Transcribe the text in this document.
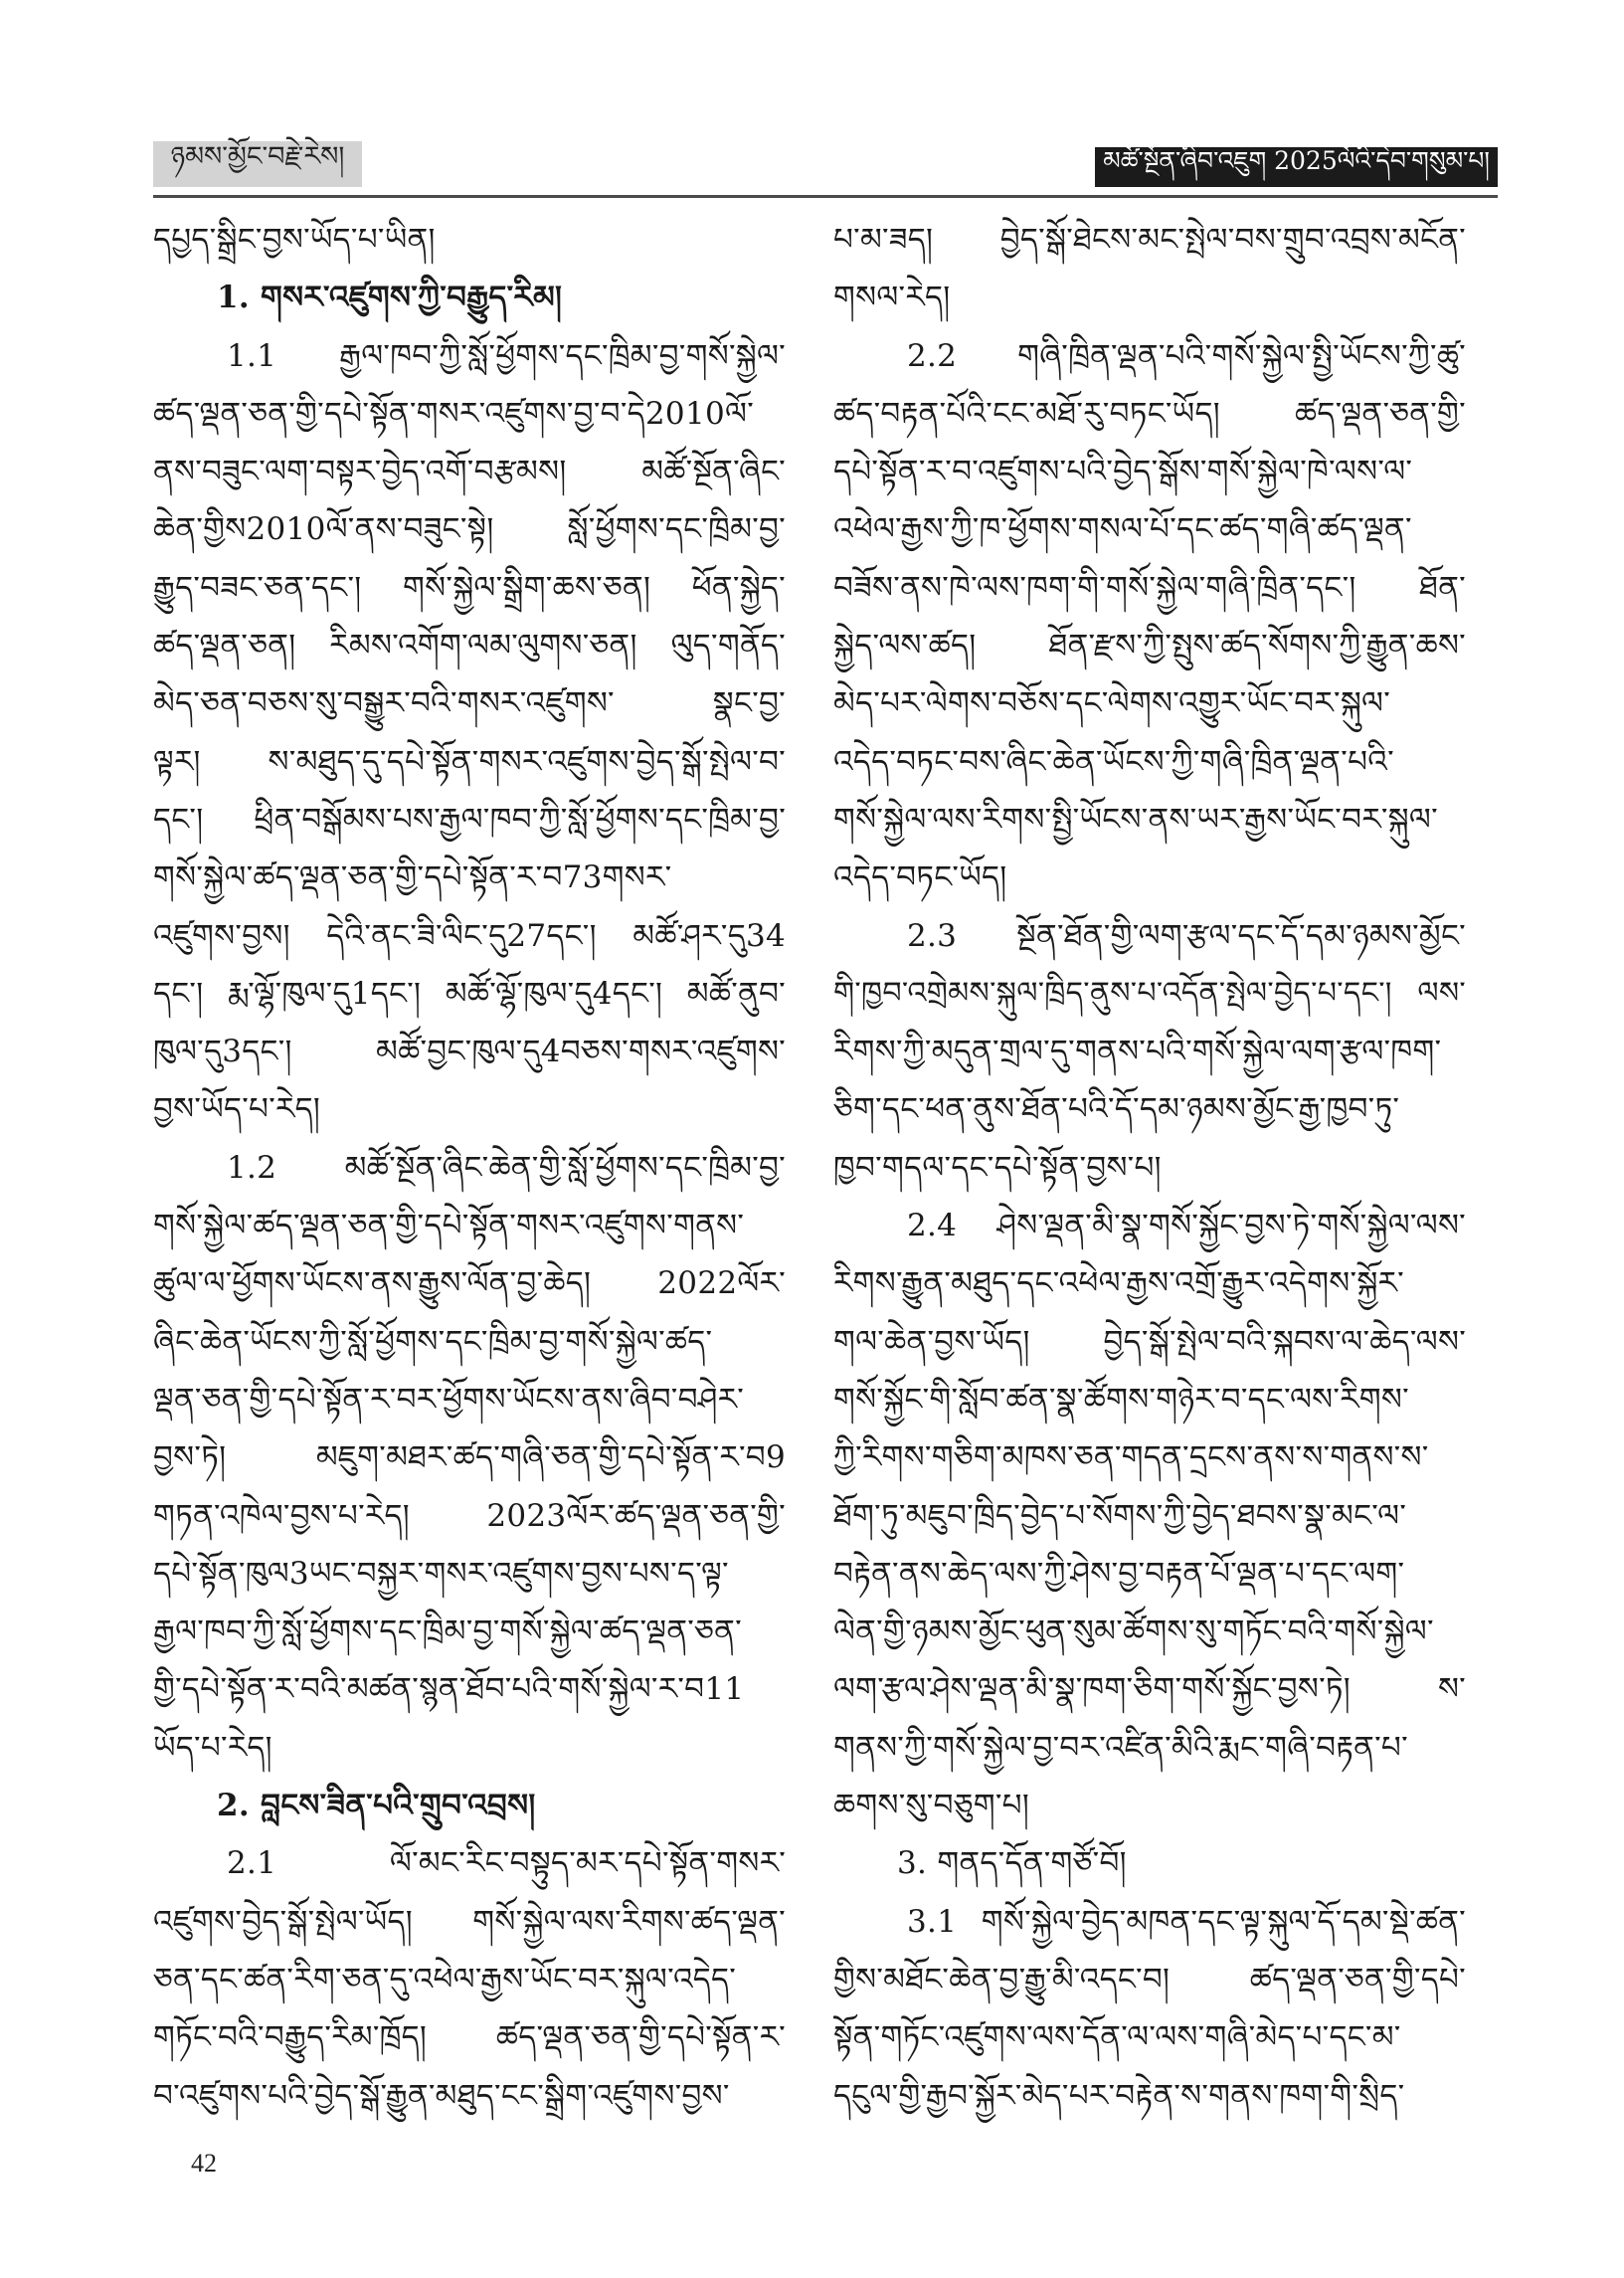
ཉམས་མྱོང་བརྗེ་རེས།	མཚོ་སྔོན་ཞིབ་འཇུག 2025ལོའི་དེབ་གསུམ་པ།
དཔྱད་སྒྲིང་བྱས་ཡོད་པ་ཡིན།
1. གསར་འཛུགས་ཀྱི་བརྒྱུད་རིམ།
1.1 རྒྱལ་ཁབ་ཀྱི་སློ་ཕྱོགས་དང་ཁྲིམ་བྱ་གསོ་སྐྱེལ་
ཚད་ལྡན་ཅན་གྱི་དཔེ་སྟོན་གསར་འཛུགས་བྱ་བ་དེ2010ལོ་
ནས་བཟུང་ལག་བསྟར་བྱེད་འགོ་བརྩམས། མཚོ་སྔོན་ཞིང་
ཆེན་གྱིས2010ལོ་ནས་བཟུང་སྟེ། སློ་ཕྱོགས་དང་ཁྲིམ་བྱ་
རྒྱུད་བཟང་ཅན་དང་། གསོ་སྐྱེལ་སྒྲིག་ཆས་ཅན། ཕོན་སྐྱེད་
ཚད་ལྡན་ཅན། རིམས་འགོག་ལམ་ལུགས་ཅན། ལུད་གནོད་
མེད་ཅན་བཅས་སུ་བསྒྱུར་བའི་གསར་འཛུགས་ སྣང་བྱ་
ལྟར། ས་མཐུད་དུ་དཔེ་སྟོན་གསར་འཛུགས་བྱེད་སྒོ་སྤེལ་བ་
དང་། ཕྲིན་བསྒོམས་པས་རྒྱལ་ཁབ་ཀྱི་སློ་ཕྱོགས་དང་ཁྲིམ་བྱ་
གསོ་སྐྱེལ་ཚད་ལྡན་ཅན་གྱི་དཔེ་སྟོན་ར་བ73གསར་
འཛུགས་བྱས། དེའི་ནང་ཟི་ལིང་དུ27དང་། མཚོ་ཤར་དུ34
དང་། རྨ་ལྷོ་ཁུལ་དུ1དང་། མཚོ་ལྷོ་ཁུལ་དུ4དང་། མཚོ་ནུབ་
ཁུལ་དུ3དང་། མཚོ་བྱང་ཁུལ་དུ4བཅས་གསར་འཛུགས་
བྱས་ཡོད་པ་རེད།
1.2 མཚོ་སྔོན་ཞིང་ཆེན་གྱི་སློ་ཕྱོགས་དང་ཁྲིམ་བྱ་
གསོ་སྐྱེལ་ཚད་ལྡན་ཅན་གྱི་དཔེ་སྟོན་གསར་འཛུགས་གནས་
ཚུལ་ལ་ཕྱོགས་ཡོངས་ནས་རྒྱུས་ལོན་བྱ་ཆེད། 2022ལོར་
ཞིང་ཆེན་ཡོངས་ཀྱི་སློ་ཕྱོགས་དང་ཁྲིམ་བྱ་གསོ་སྐྱེལ་ཚད་
ལྡན་ཅན་གྱི་དཔེ་སྟོན་ར་བར་ཕྱོགས་ཡོངས་ནས་ཞིབ་བཤེར་
བྱས་ཏེ། མཇུག་མཐར་ཚད་གཞི་ཅན་གྱི་དཔེ་སྟོན་ར་བ9
གཏན་འཁེལ་བྱས་པ་རེད། 2023ལོར་ཚད་ལྡན་ཅན་གྱི་
དཔེ་སྟོན་ཁུལ3ཡང་བསྐྱར་གསར་འཛུགས་བྱས་པས་ད་ལྟ་
རྒྱལ་ཁབ་ཀྱི་སློ་ཕྱོགས་དང་ཁྲིམ་བྱ་གསོ་སྐྱེལ་ཚད་ལྡན་ཅན་
གྱི་དཔེ་སྟོན་ར་བའི་མཚན་སྙན་ཐོབ་པའི་གསོ་སྐྱེལ་ར་བ11
ཡོད་པ་རེད།
2. བླངས་ཟིན་པའི་གྲུབ་འབྲས།
2.1 ལོ་མང་རིང་བསྟུད་མར་དཔེ་སྟོན་གསར་
འཛུགས་བྱེད་སྒོ་སྤེལ་ཡོད། གསོ་སྐྱེལ་ལས་རིགས་ཚད་ལྡན་
ཅན་དང་ཚན་རིག་ཅན་དུ་འཕེལ་རྒྱས་ཡོང་བར་སྐུལ་འདེད་
གཏོང་བའི་བརྒྱུད་རིམ་ཁྲོད། ཚད་ལྡན་ཅན་གྱི་དཔེ་སྟོན་ར་
བ་འཛུགས་པའི་བྱེད་སྒོ་རྒྱུན་མཐུད་ངང་སྒྲིག་འཛུགས་བྱས་
པ་མ་ཟད། བྱེད་སྒོ་ཐེངས་མང་སྤེལ་བས་གྲུབ་འབྲས་མངོན་
གསལ་རེད།
2.2 གཞི་ཁྲིན་ལྡན་པའི་གསོ་སྐྱེལ་སྤྱི་ཡོངས་ཀྱི་ཚུ་
ཚད་བརྟན་པོའི་ངང་མཐོ་རུ་བཏང་ཡོད། ཚད་ལྡན་ཅན་གྱི་
དཔེ་སྟོན་ར་བ་འཛུགས་པའི་བྱེད་སྒོས་གསོ་སྐྱེལ་ཁེ་ལས་ལ་
འཕེལ་རྒྱས་ཀྱི་ཁ་ཕྱོགས་གསལ་པོ་དང་ཚད་གཞི་ཚད་ལྡན་
བཟོས་ནས་ཁེ་ལས་ཁག་གི་གསོ་སྐྱེལ་གཞི་ཁྲིན་དང་། ཐོན་
སྐྱེད་ལས་ཚད། ཐོན་རྫས་ཀྱི་སྤུས་ཚད་སོགས་ཀྱི་རྒྱུན་ཆས་
མེད་པར་ལེགས་བཅོས་དང་ལེགས་འགྱུར་ཡོང་བར་སྐུལ་
འདེད་བཏང་བས་ཞིང་ཆེན་ཡོངས་ཀྱི་གཞི་ཁྲིན་ལྡན་པའི་
གསོ་སྐྱེལ་ལས་རིགས་སྤྱི་ཡོངས་ནས་ཡར་རྒྱས་ཡོང་བར་སྐུལ་
འདེད་བཏང་ཡོད།
2.3 སྔོན་ཐོན་གྱི་ལག་རྩལ་དང་དོ་དམ་ཉམས་མྱོང་
གི་ཁྱབ་འགྲེམས་སྐུལ་ཁྲིད་ནུས་པ་འདོན་སྤེལ་བྱེད་པ་དང་། ལས་
རིགས་ཀྱི་མདུན་གྲལ་དུ་གནས་པའི་གསོ་སྐྱེལ་ལག་རྩལ་ཁག་
ཅིག་དང་ཕན་ནུས་ཐོན་པའི་དོ་དམ་ཉམས་མྱོང་རྒྱ་ཁྱབ་ཏུ་
ཁྱབ་གདལ་དང་དཔེ་སྟོན་བྱས་པ།
2.4 ཤེས་ལྡན་མི་སྣ་གསོ་སྐྱོང་བྱས་ཏེ་གསོ་སྐྱེལ་ལས་
རིགས་རྒྱུན་མཐུད་དང་འཕེལ་རྒྱས་འགྲོ་རྒྱུར་འདེགས་སྐྱོར་
གལ་ཆེན་བྱས་ཡོད། བྱེད་སྒོ་སྤེལ་བའི་སྐབས་ལ་ཆེད་ལས་
གསོ་སྐྱོང་གི་སློབ་ཚན་སྣ་ཚོགས་གཉེར་བ་དང་ལས་རིགས་
ཀྱི་རིགས་གཅིག་མཁས་ཅན་གདན་དྲངས་ནས་ས་གནས་ས་
ཐོག་ཏུ་མཇུབ་ཁྲིད་བྱེད་པ་སོགས་ཀྱི་བྱེད་ཐབས་སྣ་མང་ལ་
བརྟེན་ནས་ཆེད་ལས་ཀྱི་ཤེས་བྱ་བརྟན་པོ་ལྡན་པ་དང་ལག་
ལེན་གྱི་ཉམས་མྱོང་ཕུན་སུམ་ཚོགས་སུ་གཏོང་བའི་གསོ་སྐྱེལ་
ལག་རྩལ་ཤེས་ལྡན་མི་སྣ་ཁག་ཅིག་གསོ་སྐྱོང་བྱས་ཏེ། ས་
གནས་ཀྱི་གསོ་སྐྱེལ་བྱ་བར་འཛིན་མིའི་རྨང་གཞི་བརྟན་པ་
ཆགས་སུ་བཅུག་པ།
3. གནད་དོན་གཙོ་བོ།
3.1 གསོ་སྐྱེལ་བྱེད་མཁན་དང་ལྟ་སྐུལ་དོ་དམ་སྡེ་ཚན་
གྱིས་མཐོང་ཆེན་བྱ་རྒྱུ་མི་འདང་བ། ཚད་ལྡན་ཅན་གྱི་དཔེ་
སྟོན་གཏོང་འཛུགས་ལས་དོན་ལ་ལས་གཞི་མེད་པ་དང་མ་
དངུལ་གྱི་རྒྱབ་སྐྱོར་མེད་པར་བརྟེན་ས་གནས་ཁག་གི་སྲིད་
42
